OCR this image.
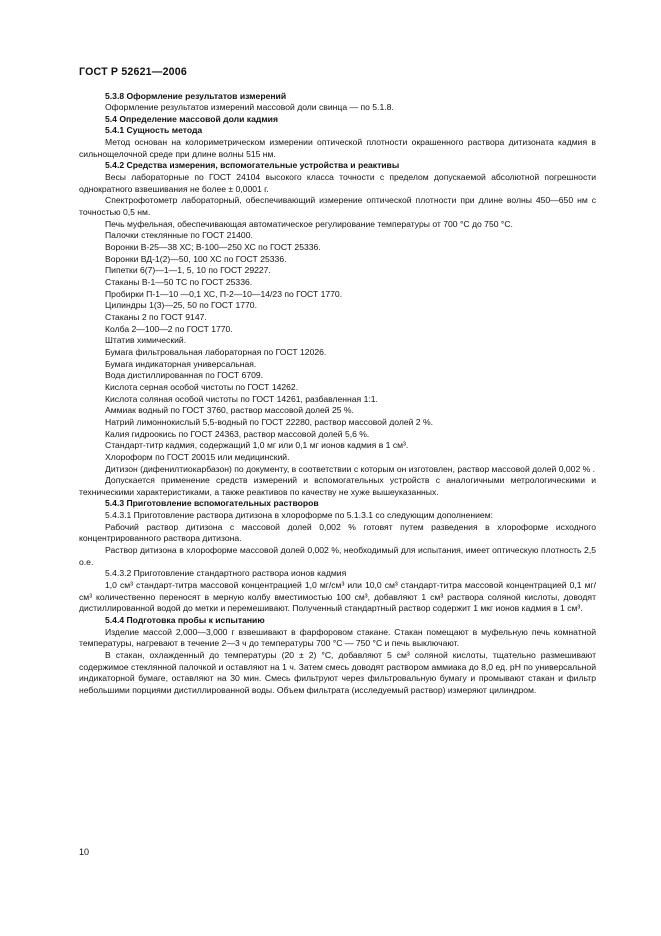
ГОСТ Р 52621—2006

5.3.8 Оформление результатов измерений

Оформление результатов измерений массовой доли свинца — по 5.1.8.

5.4 Определение массовой доли кадмия

5.4.1 Сущность метода

Метод основан на колориметрическом измерении оптической плотности окрашенного раствора дитизоната кадмия в сильнощелочной среде при длине волны 515 нм.

5.4.2 Средства измерения, вспомогательные устройства и реактивы

Весы лабораторные по ГОСТ 24104 высокого класса точности с пределом допускаемой абсолютной погрешности однократного взвешивания не более ± 0,0001 г.

Спектрофотометр лабораторный, обеспечивающий измерение оптической плотности при длине волны 450—650 нм с точностью 0,5 нм.

Печь муфельная, обеспечивающая автоматическое регулирование температуры от 700 °С до 750 °С.

Палочки стеклянные по ГОСТ 21400.

Воронки В-25—38 ХС; В-100—250 ХС по ГОСТ 25336.

Воронки ВД-1(2)—50, 100 ХС по ГОСТ 25336.

Пипетки 6(7)—1—1, 5, 10 по ГОСТ 29227.

Стаканы В-1—50 ТС по ГОСТ 25336.

Пробирки П-1—10 —0,1 ХС, П-2—10—14/23 по ГОСТ 1770.

Цилиндры 1(3)—25, 50 по ГОСТ 1770.

Стаканы 2 по ГОСТ 9147.

Колба 2—100—2 по ГОСТ 1770.

Штатив химический.

Бумага фильтровальная лабораторная по ГОСТ 12026.

Бумага индикаторная универсальная.

Вода дистиллированная по ГОСТ 6709.

Кислота серная особой чистоты по ГОСТ 14262.

Кислота соляная особой чистоты по ГОСТ 14261, разбавленная 1:1.

Аммиак водный по ГОСТ 3760, раствор массовой долей 25 %.

Натрий лимоннокислый 5,5-водный по ГОСТ 22280, раствор массовой долей 2 %.

Калия гидроокись по ГОСТ 24363, раствор массовой долей 5,6 %.

Стандарт-титр кадмия, содержащий 1,0 мг или 0,1 мг ионов кадмия в 1 см³.

Хлороформ по ГОСТ 20015 или медицинский.

Дитизон (дифенилтиокарбазон) по документу, в соответствии с которым он изготовлен, раствор массовой долей 0,002 % .

Допускается применение средств измерений и вспомогательных устройств с аналогичными метрологическими и техническими характеристиками, а также реактивов по качеству не хуже вышеуказанных.

5.4.3 Приготовление вспомогательных растворов

5.4.3.1 Приготовление раствора дитизона в хлороформе по 5.1.3.1 со следующим дополнением:

Рабочий раствор дитизона с массовой долей 0,002 % готовят путем разведения в хлороформе исходного концентрированного раствора дитизона.

Раствор дитизона в хлороформе массовой долей 0,002 %, необходимый для испытания, имеет оптическую плотность 2,5 о.е.

5.4.3.2 Приготовление стандартного раствора ионов кадмия

1,0 см³ стандарт-титра массовой концентрацией 1,0 мг/см³ или 10,0 см³ стандарт-титра массовой концентрацией 0,1 мг/см³ количественно переносят в мерную колбу вместимостью 100 см³, добавляют 1 см³ раствора соляной кислоты, доводят дистиллированной водой до метки и перемешивают. Полученный стандартный раствор содержит 1 мкг ионов кадмия в 1 см³.

5.4.4 Подготовка пробы к испытанию

Изделие массой 2,000—3,000 г взвешивают в фарфоровом стакане. Стакан помещают в муфельную печь комнатной температуры, нагревают в течение 2—3 ч до температуры 700 °С — 750 °С и печь выключают.

В стакан, охлажденный до температуры (20 ± 2) °С, добавляют 5 см³ соляной кислоты, тщательно размешивают содержимое стеклянной палочкой и оставляют на 1 ч. Затем смесь доводят раствором аммиака до 8,0 ед. pH по универсальной индикаторной бумаге, оставляют на 30 мин. Смесь фильтруют через фильтровальную бумагу и промывают стакан и фильтр небольшими порциями дистиллированной воды. Объем фильтрата (исследуемый раствор) измеряют цилиндром.

10
